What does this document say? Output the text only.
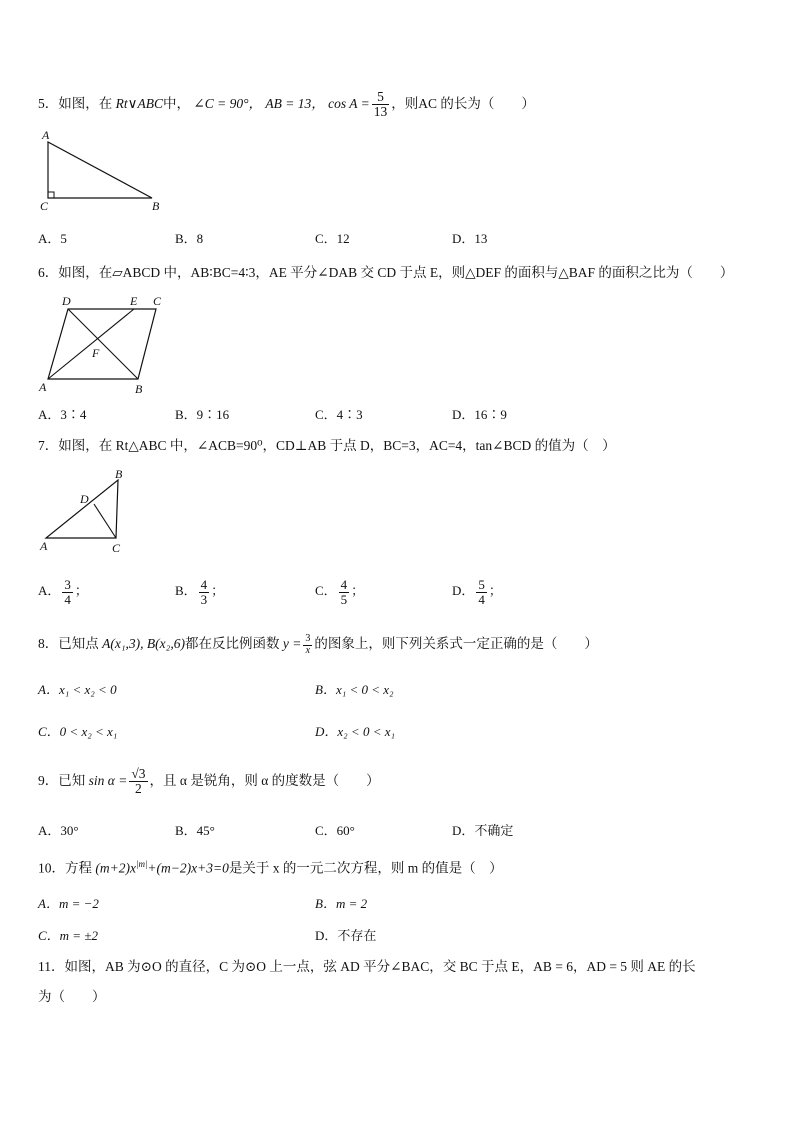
5．如图，在 Rt∨ABC中， ∠C = 90°， AB = 13， $\cos A = \frac{5}{13}$ ，则AC 的长为（　　）
A
C	B
A．5	B．8	C．12	D．13
6．如图，在▱ABCD 中，AB∶BC=4∶3，AE 平分∠DAB 交 CD 于点 E，则△DEF 的面积与△BAF 的面积之比为（　　）
D	E C
F
A	B
A．3∶4	B．9∶16	C．4∶3	D．16∶9
7．如图，在 Rt△ABC 中，∠ACB=90⁰，CD⊥AB 于点 D，BC=3，AC=4，tan∠BCD 的值为（　）
B
D
A	C
A． $\frac{3}{4}$ ；	B． $\frac{4}{3}$ ；	C． $\frac{4}{5}$ ；	D． $\frac{5}{4}$ ；
8．已知点 A(x₁,3), B(x₂,6)都在反比例函数 $y = \frac{3}{x}$ 的图象上，则下列关系式一定正确的是（　　）
A．x₁ < x₂ < 0	B．x₁ < 0 < x₂
C．0 < x₂ < x₁	D．x₂ < 0 < x₁
9．已知 $\sin \alpha = \frac{√3}{2}$ ，且 α 是锐角，则 α 的度数是（　　）
A．30°	B．45°	C．60°	D．不确定
10．方程 $(m+2)x^{|m|}+(m-2)x+3=0$是关于 x 的一元二次方程，则 m 的值是（　）
A．m = −2	B．m = 2
C．m = ±2	D．不存在
11．如图，AB 为⊙O 的直径，C 为⊙O 上一点，弦 AD 平分∠BAC，交 BC 于点 E，AB = 6，AD = 5 则 AE 的长
为（　　）
